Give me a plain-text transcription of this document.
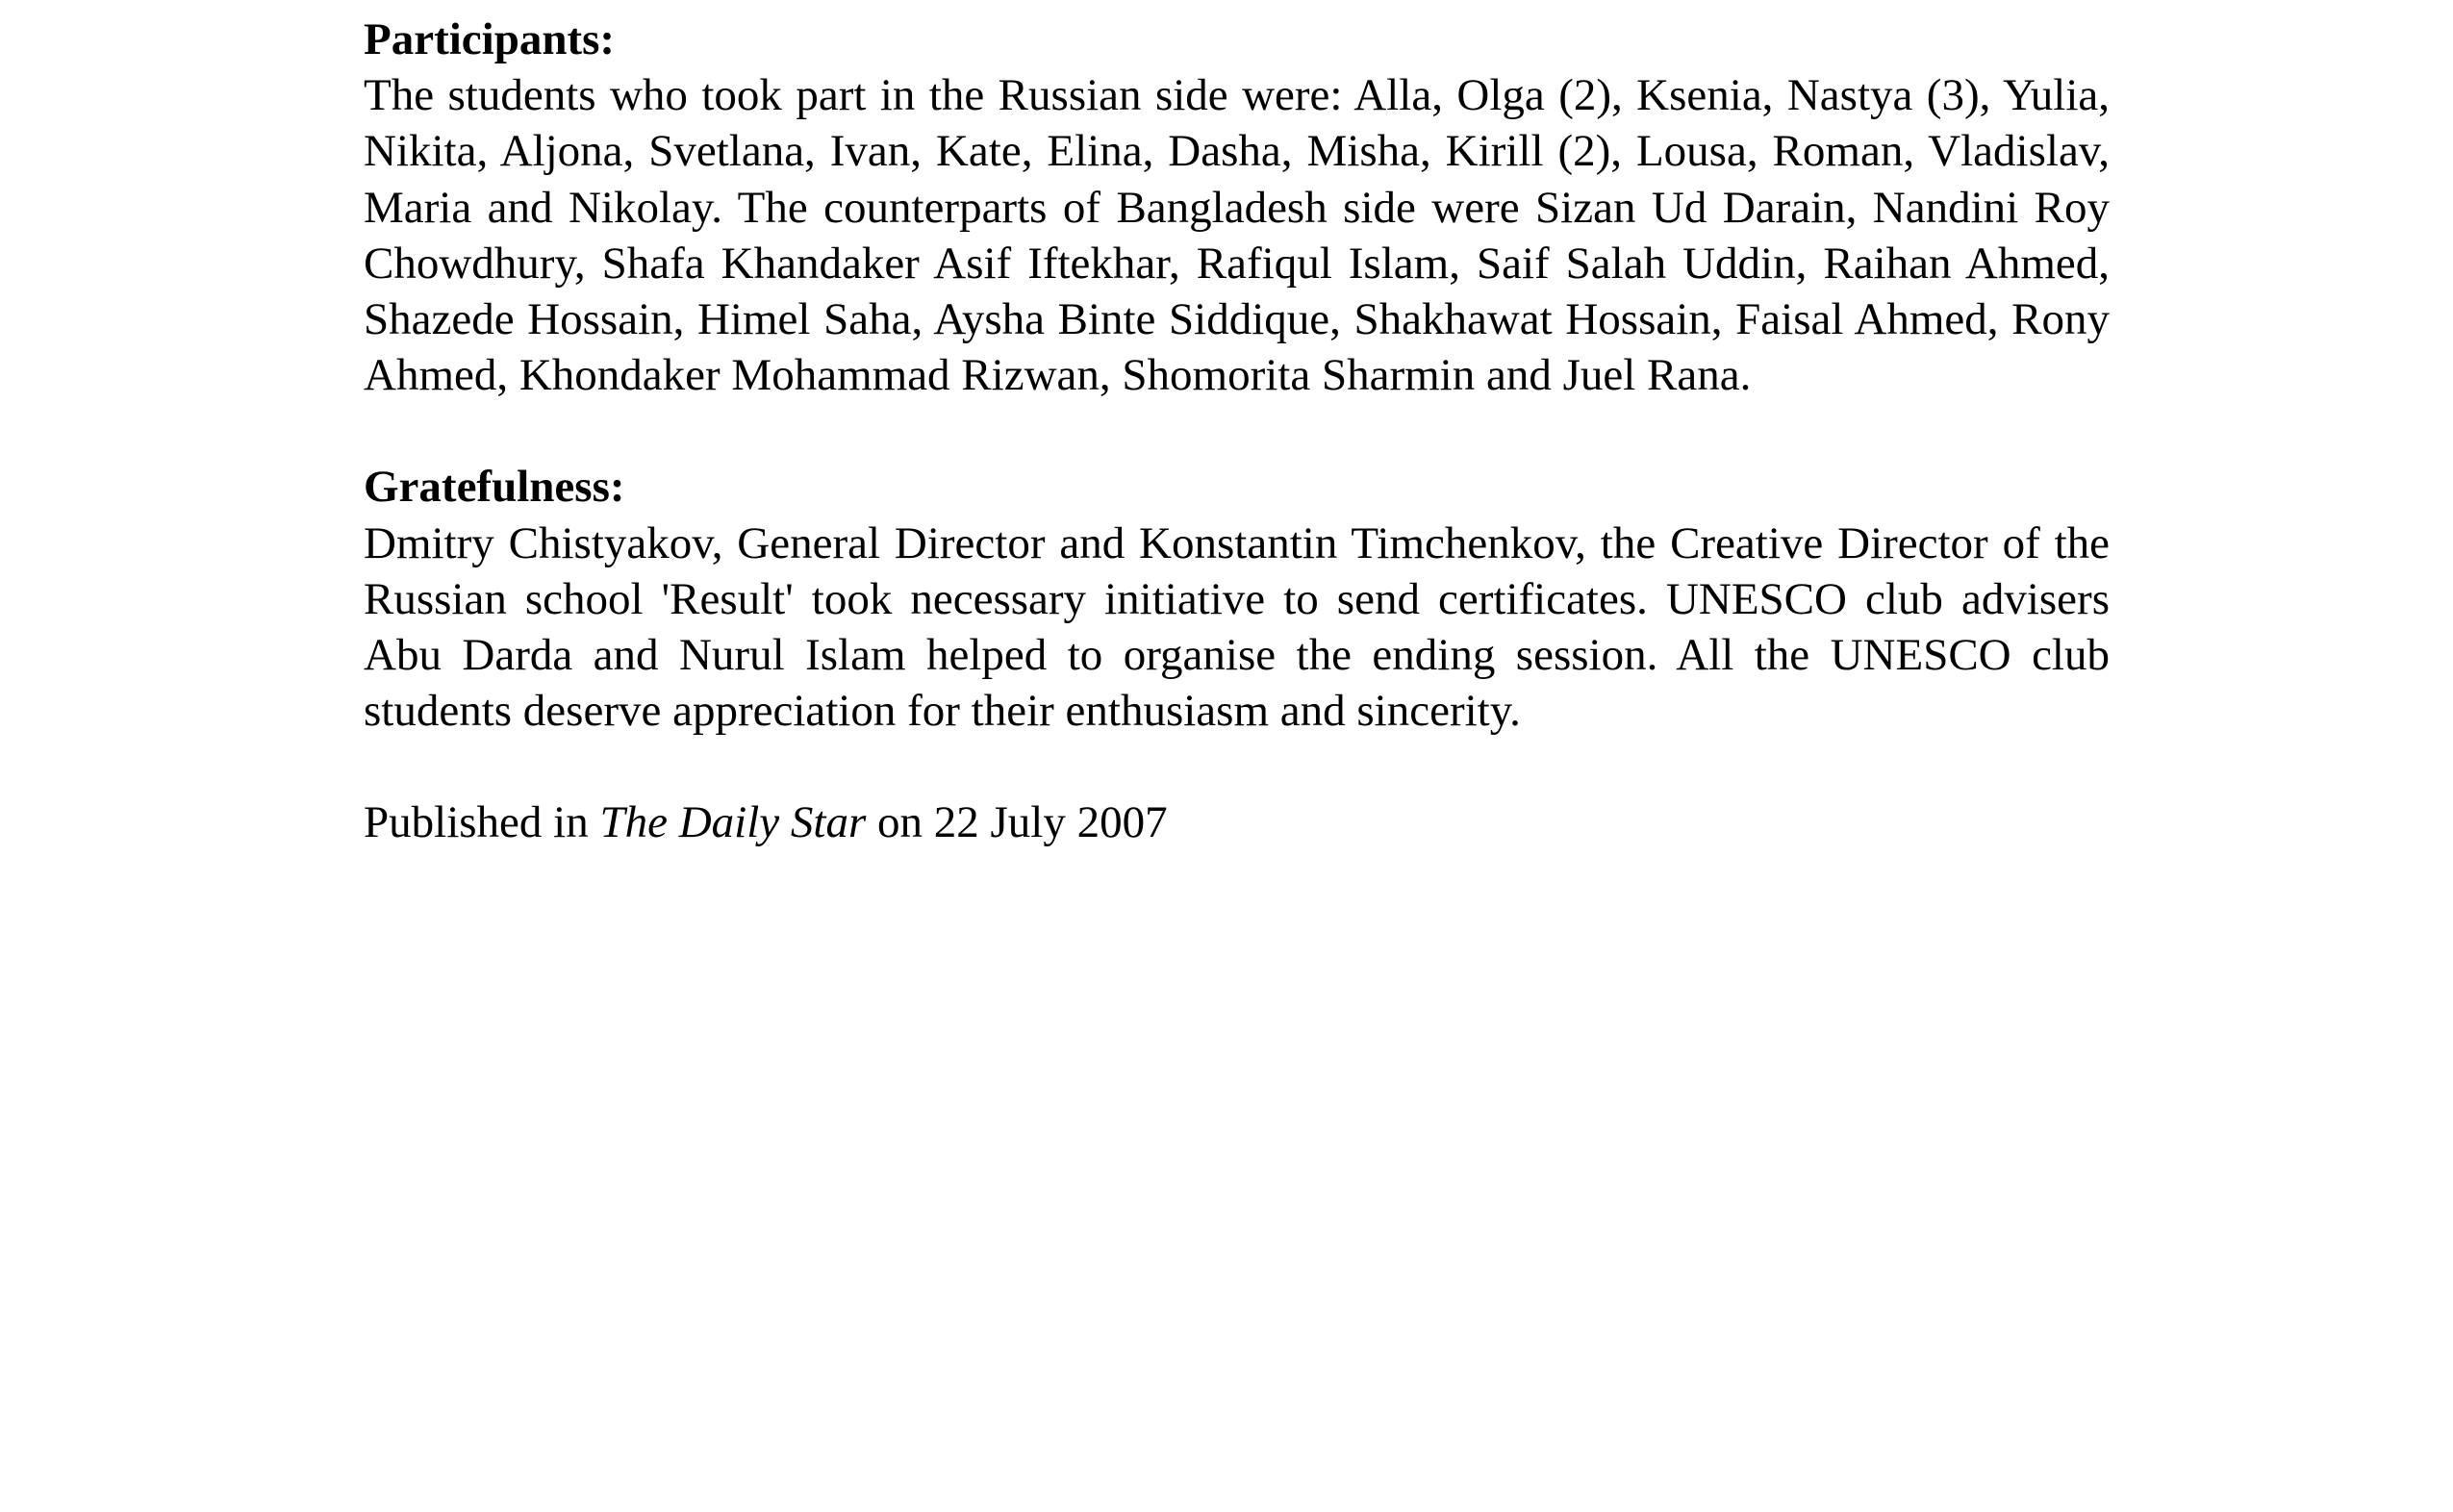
Participants:

The students who took part in the Russian side were: Alla, Olga (2), Ksenia, Nastya (3), Yulia, Nikita, Aljona, Svetlana, Ivan, Kate, Elina, Dasha, Misha, Kirill (2), Lousa, Roman, Vladislav, Maria and Nikolay. The counterparts of Bangladesh side were Sizan Ud Darain, Nandini Roy Chowdhury, Shafa Khandaker Asif Iftekhar, Rafiqul Islam, Saif Salah Uddin, Raihan Ahmed, Shazede Hossain, Himel Saha, Aysha Binte Siddique, Shakhawat Hossain, Faisal Ahmed, Rony Ahmed, Khondaker Mohammad Rizwan, Shomorita Sharmin and Juel Rana.

Gratefulness:

Dmitry Chistyakov, General Director and Konstantin Timchenkov, the Creative Director of the Russian school 'Result' took necessary initiative to send certificates. UNESCO club advisers Abu Darda and Nurul Islam helped to organise the ending session. All the UNESCO club students deserve appreciation for their enthusiasm and sincerity.

Published in The Daily Star on 22 July 2007
